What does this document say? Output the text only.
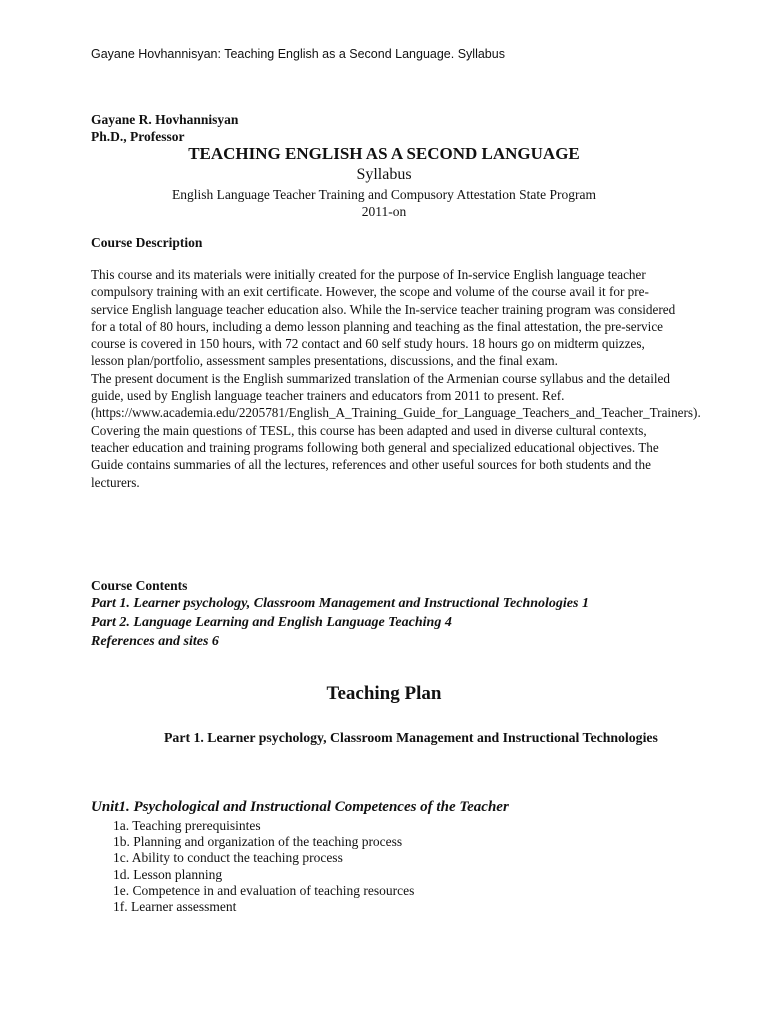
Gayane Hovhannisyan: Teaching English as a Second Language. Syllabus
Gayane R. Hovhannisyan
Ph.D., Professor
TEACHING ENGLISH AS A SECOND LANGUAGE
Syllabus
English Language Teacher Training and Compusory Attestation State Program
2011-on
Course Description

This course and its materials were initially created for the purpose of In-service English language teacher compulsory training with an exit certificate. However, the scope and volume of the course avail it for pre-service English language teacher education also. While the In-service teacher training program was considered for a total of 80 hours, including a demo lesson planning and teaching as the final attestation, the pre-service course is covered in 150 hours, with 72 contact and 60 self study hours. 18 hours go on midterm quizzes, lesson plan/portfolio, assessment samples presentations, discussions, and the final exam.

The present document is the English summarized translation of the Armenian course syllabus and the detailed guide, used by English language teacher trainers and educators from 2011 to present. Ref. (https://www.academia.edu/2205781/English_A_Training_Guide_for_Language_Teachers_and_Teacher_Trainers).

Covering the main questions of TESL, this course has been adapted and used in diverse cultural contexts, teacher education and training programs following both general and specialized educational objectives. The Guide contains summaries of all the lectures, references and other useful sources for both students and the lecturers.

Course Contents
Part 1. Learner psychology, Classroom Management and Instructional Technologies 1
Part 2. Language Learning and English Language Teaching 4
References and sites 6
Teaching Plan
Part 1. Learner psychology, Classroom Management and Instructional Technologies
Unit1. Psychological and Instructional Competences of the Teacher
1a. Teaching prerequisintes
1b. Planning and organization of the teaching process
1c. Ability to conduct the teaching process
1d. Lesson planning
1e. Competence in and evaluation of teaching resources
1f. Learner assessment
